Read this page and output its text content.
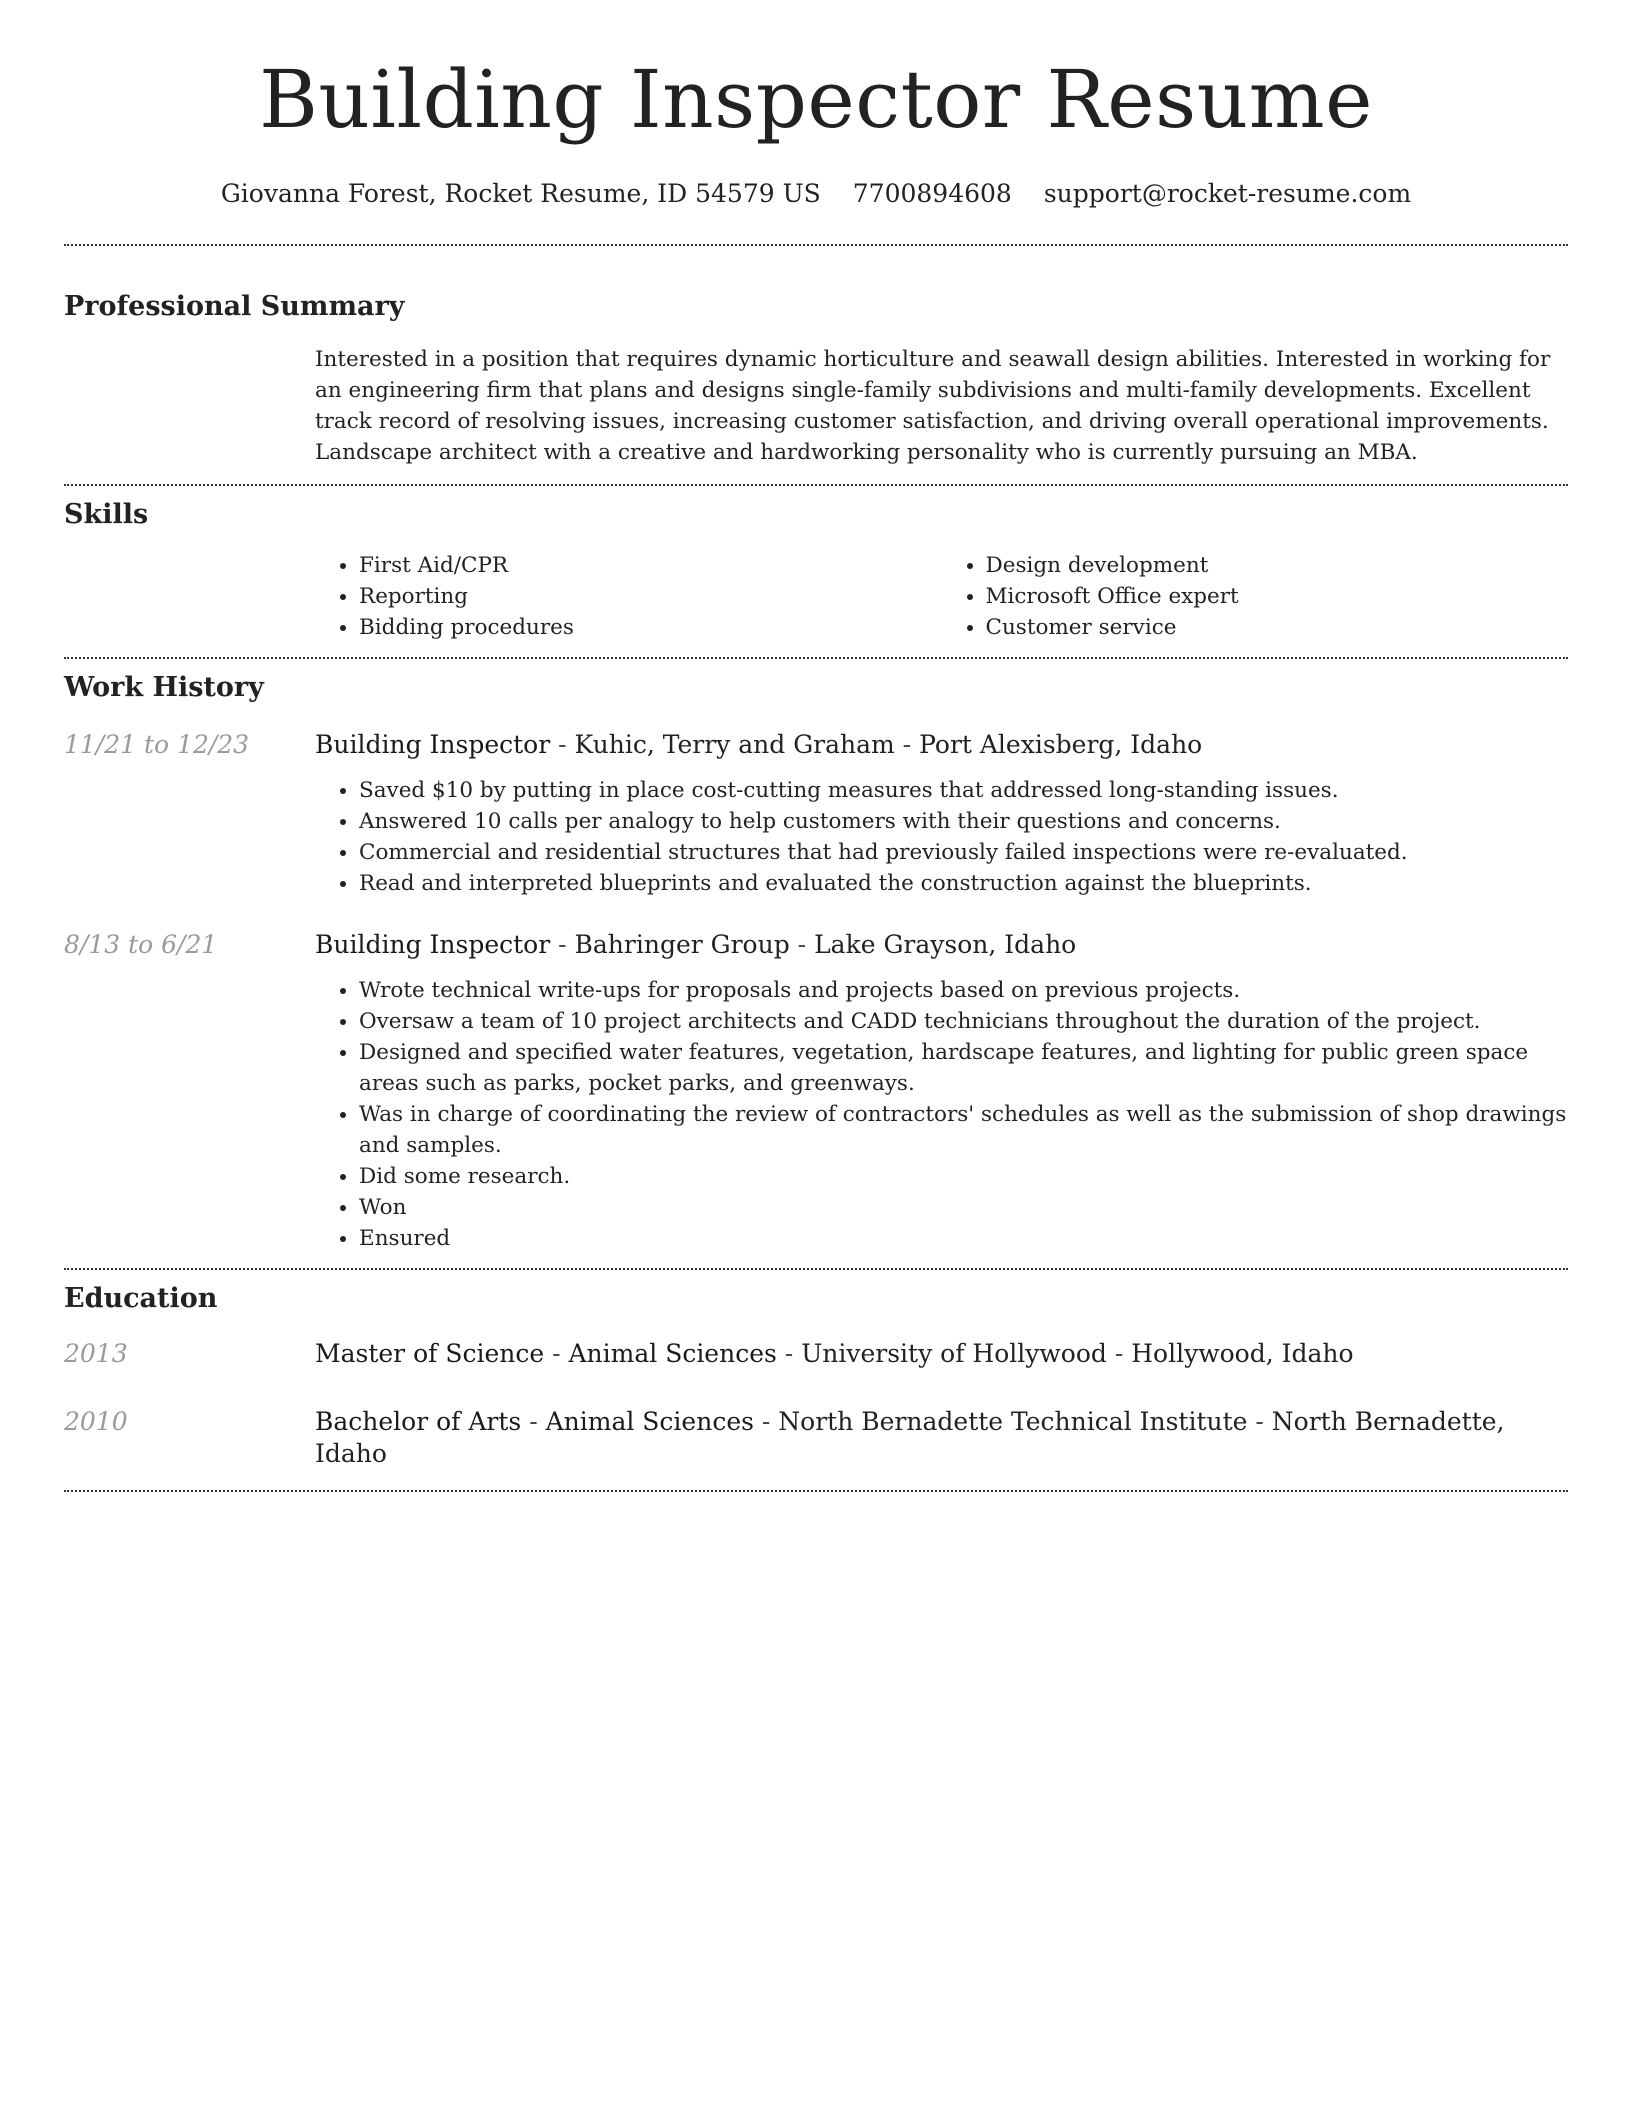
Building Inspector Resume
Giovanna Forest, Rocket Resume, ID 54579 US 7700894608 support@rocket-resume.com
Professional Summary
Interested in a position that requires dynamic horticulture and seawall design abilities. Interested in working for an engineering firm that plans and designs single-family subdivisions and multi-family developments. Excellent track record of resolving issues, increasing customer satisfaction, and driving overall operational improvements. Landscape architect with a creative and hardworking personality who is currently pursuing an MBA.
Skills
• First Aid/CPR
• Reporting
• Bidding procedures
• Design development
• Microsoft Office expert
• Customer service
Work History
11/21 to 12/23	Building Inspector - Kuhic, Terry and Graham - Port Alexisberg, Idaho
• Saved $10 by putting in place cost-cutting measures that addressed long-standing issues.
• Answered 10 calls per analogy to help customers with their questions and concerns.
• Commercial and residential structures that had previously failed inspections were re-evaluated.
• Read and interpreted blueprints and evaluated the construction against the blueprints.
8/13 to 6/21	Building Inspector - Bahringer Group - Lake Grayson, Idaho
• Wrote technical write-ups for proposals and projects based on previous projects.
• Oversaw a team of 10 project architects and CADD technicians throughout the duration of the project.
• Designed and specified water features, vegetation, hardscape features, and lighting for public green space areas such as parks, pocket parks, and greenways.
• Was in charge of coordinating the review of contractors' schedules as well as the submission of shop drawings and samples.
• Did some research.
• Won
• Ensured
Education
2013	Master of Science - Animal Sciences - University of Hollywood - Hollywood, Idaho
2010	Bachelor of Arts - Animal Sciences - North Bernadette Technical Institute - North Bernadette, Idaho
